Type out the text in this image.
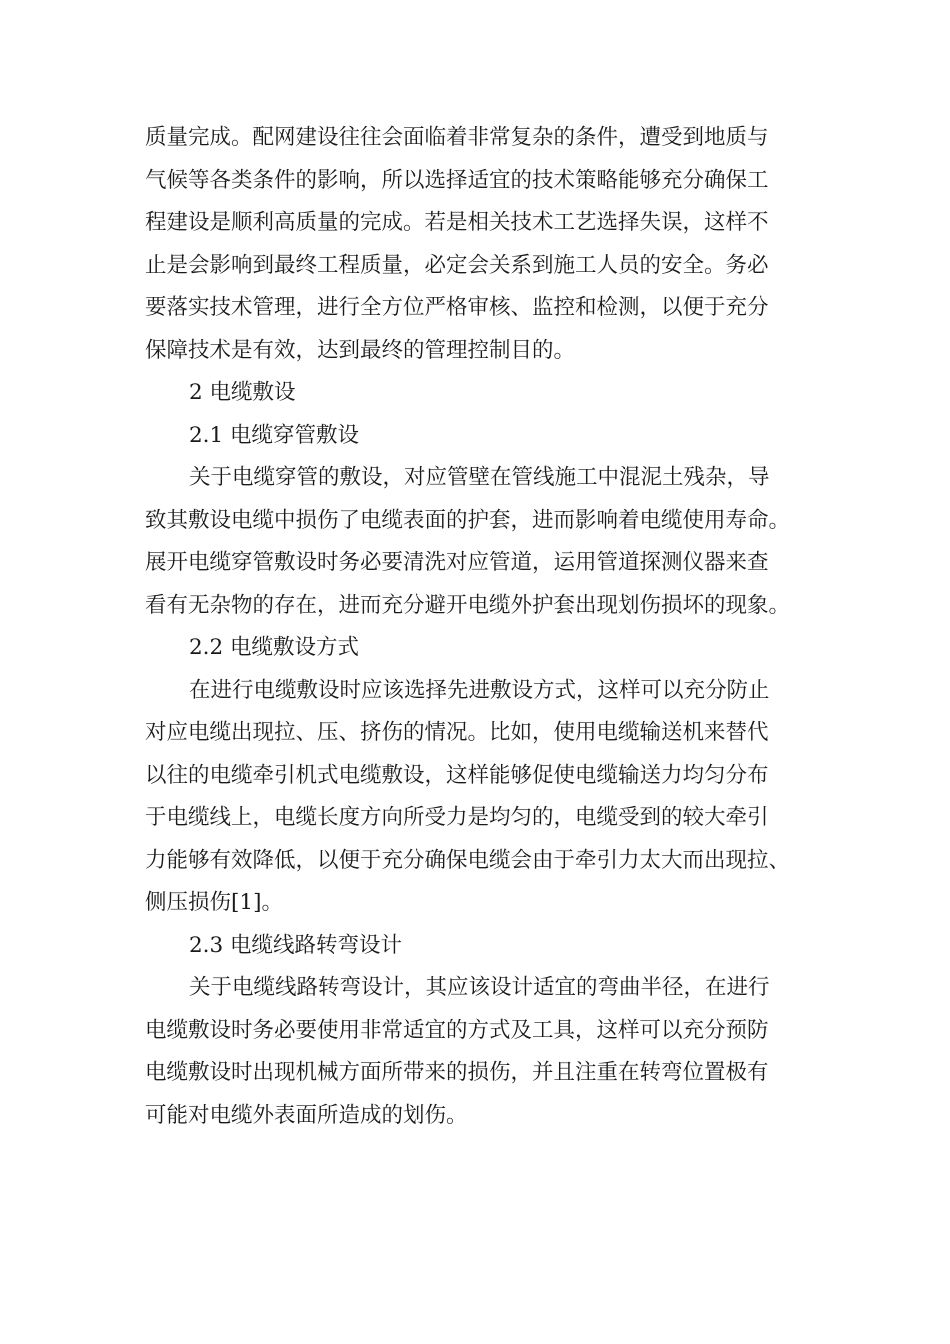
质量完成。配网建设往往会面临着非常复杂的条件，遭受到地质与
气候等各类条件的影响，所以选择适宜的技术策略能够充分确保工
程建设是顺利高质量的完成。若是相关技术工艺选择失误，这样不
止是会影响到最终工程质量，必定会关系到施工人员的安全。务必
要落实技术管理，进行全方位严格审核、监控和检测，以便于充分
保障技术是有效，达到最终的管理控制目的。
2 电缆敷设
2.1 电缆穿管敷设
关于电缆穿管的敷设，对应管壁在管线施工中混泥土残杂，导
致其敷设电缆中损伤了电缆表面的护套，进而影响着电缆使用寿命。
展开电缆穿管敷设时务必要清洗对应管道，运用管道探测仪器来查
看有无杂物的存在，进而充分避开电缆外护套出现划伤损坏的现象。
2.2 电缆敷设方式
在进行电缆敷设时应该选择先进敷设方式，这样可以充分防止
对应电缆出现拉、压、挤伤的情况。比如，使用电缆输送机来替代
以往的电缆牵引机式电缆敷设，这样能够促使电缆输送力均匀分布
于电缆线上，电缆长度方向所受力是均匀的，电缆受到的较大牵引
力能够有效降低，以便于充分确保电缆会由于牵引力太大而出现拉、
侧压损伤[1]。
2.3 电缆线路转弯设计
关于电缆线路转弯设计，其应该设计适宜的弯曲半径，在进行
电缆敷设时务必要使用非常适宜的方式及工具，这样可以充分预防
电缆敷设时出现机械方面所带来的损伤，并且注重在转弯位置极有
可能对电缆外表面所造成的划伤。
